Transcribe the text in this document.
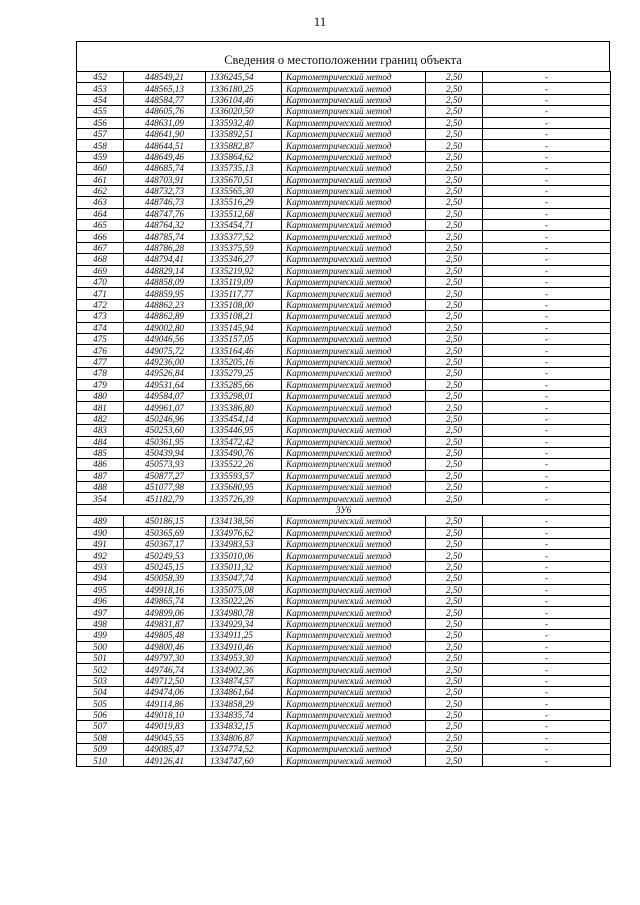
11
Сведения о местоположении границ объекта
452	448549,21	1336245,54	Картометрический метод	2,50	-
453	448565,13	1336180,25	Картометрический метод	2,50	-
454	448584,77	1336104,46	Картометрический метод	2,50	-
455	448605,76	1336020,50	Картометрический метод	2,50	-
456	448631,09	1335932,40	Картометрический метод	2,50	-
457	448641,90	1335892,51	Картометрический метод	2,50	-
458	448644,51	1335882,87	Картометрический метод	2,50	-
459	448649,46	1335864,62	Картометрический метод	2,50	-
460	448685,74	1335735,13	Картометрический метод	2,50	-
461	448703,91	1335670,51	Картометрический метод	2,50	-
462	448732,73	1335565,30	Картометрический метод	2,50	-
463	448746,73	1335516,29	Картометрический метод	2,50	-
464	448747,76	1335512,68	Картометрический метод	2,50	-
465	448764,32	1335454,71	Картометрический метод	2,50	-
466	448785,74	1335377,52	Картометрический метод	2,50	-
467	448786,28	1335375,59	Картометрический метод	2,50	-
468	448794,41	1335346,27	Картометрический метод	2,50	-
469	448829,14	1335219,92	Картометрический метод	2,50	-
470	448858,09	1335119,09	Картометрический метод	2,50	-
471	448859,95	1335117,77	Картометрический метод	2,50	-
472	448862,23	1335108,00	Картометрический метод	2,50	-
473	448862,89	1335108,21	Картометрический метод	2,50	-
474	449002,80	1335145,94	Картометрический метод	2,50	-
475	449046,56	1335157,05	Картометрический метод	2,50	-
476	449075,72	1335164,46	Картометрический метод	2,50	-
477	449236,00	1335205,16	Картометрический метод	2,50	-
478	449526,84	1335279,25	Картометрический метод	2,50	-
479	449531,64	1335285,66	Картометрический метод	2,50	-
480	449584,07	1335298,01	Картометрический метод	2,50	-
481	449961,07	1335386,80	Картометрический метод	2,50	-
482	450246,96	1335454,14	Картометрический метод	2,50	-
483	450253,60	1335446,95	Картометрический метод	2,50	-
484	450361,95	1335472,42	Картометрический метод	2,50	-
485	450439,94	1335490,76	Картометрический метод	2,50	-
486	450573,93	1335522,26	Картометрический метод	2,50	-
487	450877,27	1335593,57	Картометрический метод	2,50	-
488	451077,98	1335680,95	Картометрический метод	2,50	-
354	451182,79	1335726,39	Картометрический метод	2,50	-
3У6					
489	450186,15	1334138,56	Картометрический метод	2,50	-
490	450365,69	1334976,62	Картометрический метод	2,50	-
491	450367,17	1334983,53	Картометрический метод	2,50	-
492	450249,53	1335010,06	Картометрический метод	2,50	-
493	450245,15	1335011,32	Картометрический метод	2,50	-
494	450058,39	1335047,74	Картометрический метод	2,50	-
495	449918,16	1335075,08	Картометрический метод	2,50	-
496	449865,74	1335022,26	Картометрический метод	2,50	-
497	449899,06	1334980,78	Картометрический метод	2,50	-
498	449831,87	1334929,34	Картометрический метод	2,50	-
499	449805,48	1334911,25	Картометрический метод	2,50	-
500	449800,46	1334910,46	Картометрический метод	2,50	-
501	449797,30	1334953,30	Картометрический метод	2,50	-
502	449746,74	1334902,36	Картометрический метод	2,50	-
503	449712,50	1334874,57	Картометрический метод	2,50	-
504	449474,06	1334861,64	Картометрический метод	2,50	-
505	449114,86	1334858,29	Картометрический метод	2,50	-
506	449018,10	1334835,74	Картометрический метод	2,50	-
507	449019,83	1334832,15	Картометрический метод	2,50	-
508	449045,55	1334806,87	Картометрический метод	2,50	-
509	449085,47	1334774,52	Картометрический метод	2,50	-
510	449126,41	1334747,60	Картометрический метод	2,50	-
